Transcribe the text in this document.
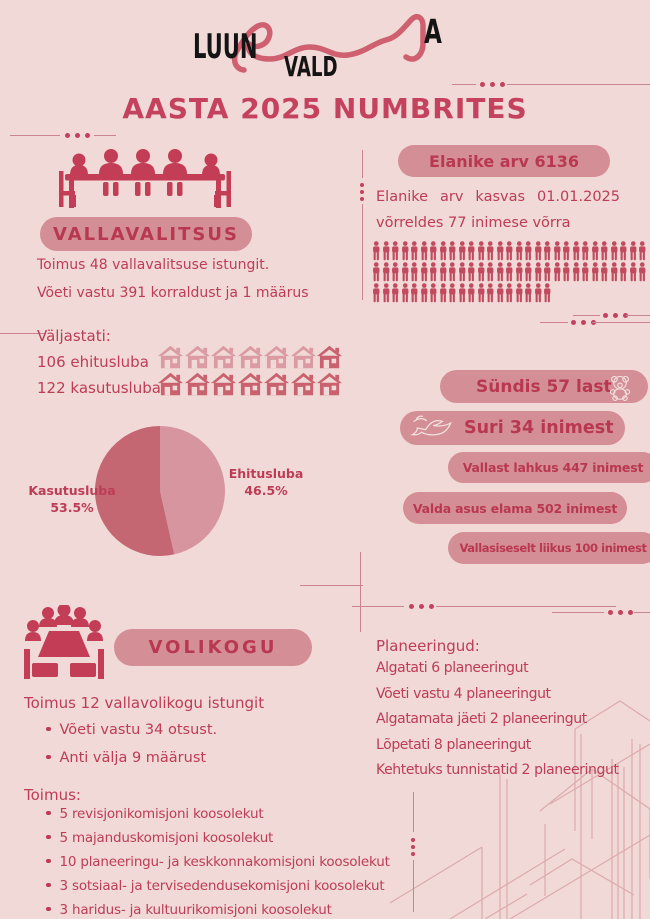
LUUN	A
VALD
AASTA 2025 NUMBRITES
VALLAVALITSUS
Toimus 48 vallavalitsuse istungit.
Võeti vastu 391 korraldust ja 1 määrus
Elanike arv 6136
Elanike arv kasvas 01.01.2025
võrreldes 77 inimese võrra
Väljastati:
106 ehitusluba
122 kasutusluba
Ehitusluba
46.5%
Kasutusluba
53.5%
Sündis 57 last
Suri 34 inimest
Vallast lahkus 447 inimest
Valda asus elama 502 inimest
Vallasiseselt liikus 100 inimest
VOLIKOGU
Toimus 12 vallavolikogu istungit
Võeti vastu 34 otsust.
Anti välja 9 määrust
Toimus:
5 revisjonikomisjoni koosolekut
5 majanduskomisjoni koosolekut
10 planeeringu- ja keskkonnakomisjoni koosolekut
3 sotsiaal- ja tervisedendusekomisjoni koosolekut
3 haridus- ja kultuurikomisjoni koosolekut
Planeeringud:
Algatati 6 planeeringut
Võeti vastu 4 planeeringut
Algatamata jäeti 2 planeeringut
Lõpetati 8 planeeringut
Kehtetuks tunnistatid 2 planeeringut
